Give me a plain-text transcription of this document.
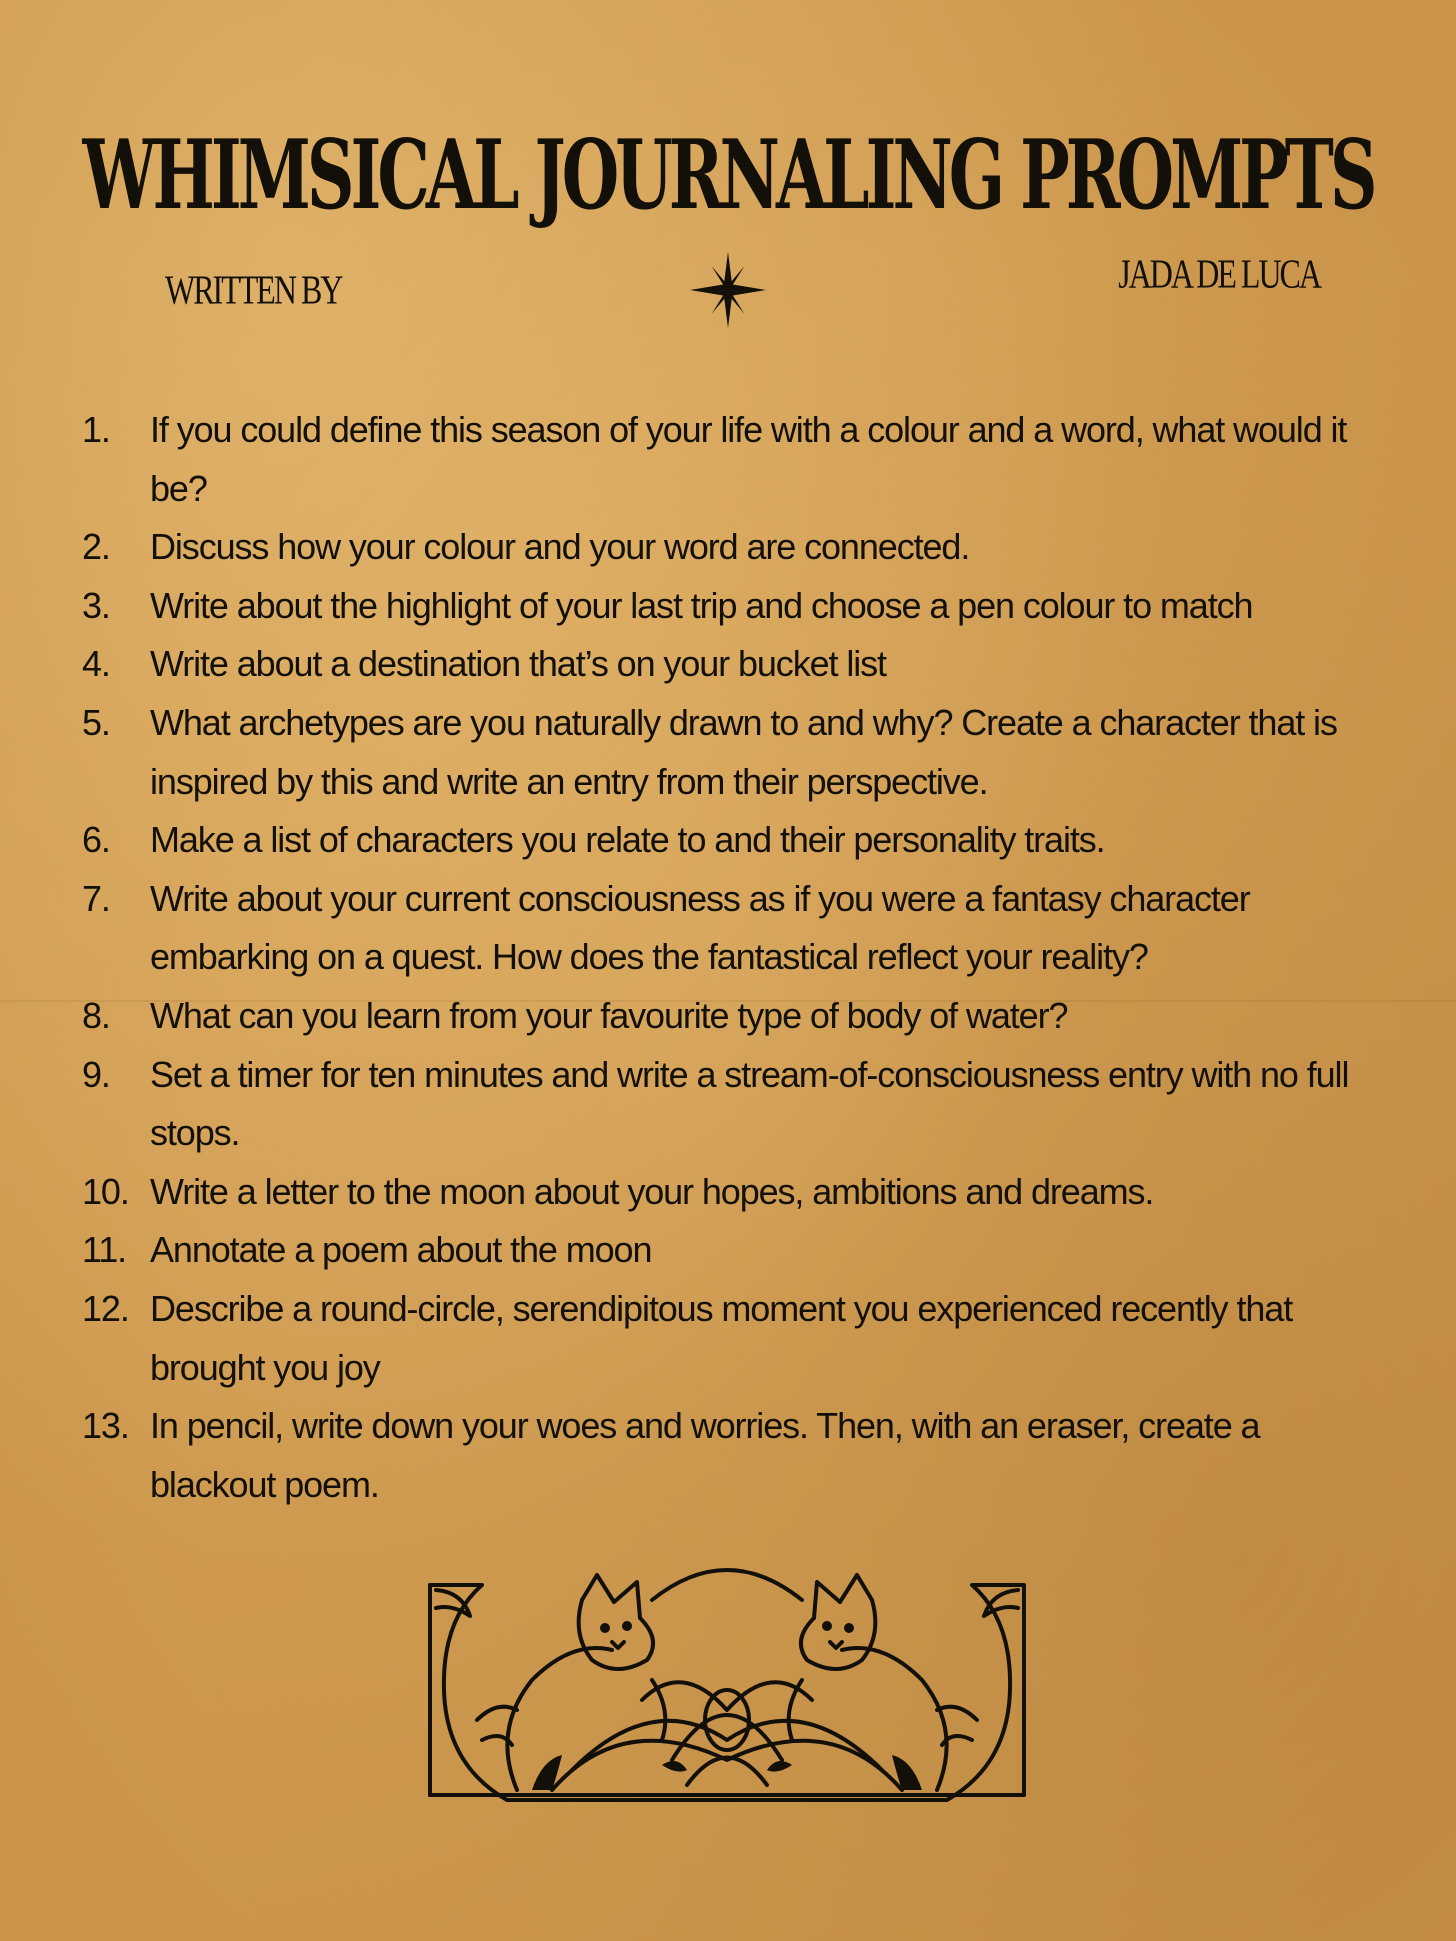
WHIMSICAL JOURNALING PROMPTS
WRITTEN BY	JADA DE LUCA
1.	If you could define this season of your life with a colour and a word, what would it be?
2.	Discuss how your colour and your word are connected.
3.	Write about the highlight of your last trip and choose a pen colour to match
4.	Write about a destination that’s on your bucket list
5.	What archetypes are you naturally drawn to and why? Create a character that is inspired by this and write an entry from their perspective.
6.	Make a list of characters you relate to and their personality traits.
7.	Write about your current consciousness as if you were a fantasy character embarking on a quest. How does the fantastical reflect your reality?
8.	What can you learn from your favourite type of body of water?
9.	Set a timer for ten minutes and write a stream-of-consciousness entry with no full stops.
10. Write a letter to the moon about your hopes, ambitions and dreams.
11. Annotate a poem about the moon
12. Describe a round-circle, serendipitous moment you experienced recently that brought you joy
13. In pencil, write down your woes and worries. Then, with an eraser, create a blackout poem.
